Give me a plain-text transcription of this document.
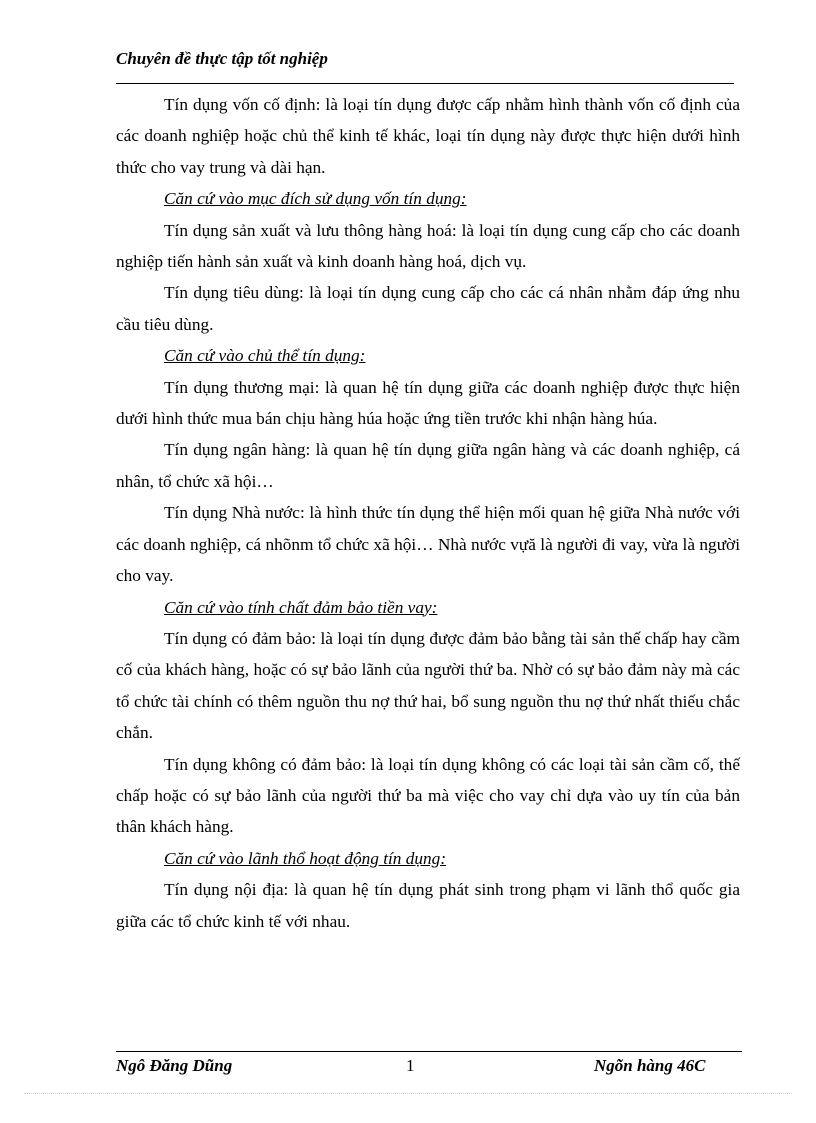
Chuyên đề thực tập tốt nghiệp

Tín dụng vốn cố định: là loại tín dụng được cấp nhằm hình thành vốn cố định của các doanh nghiệp hoặc chủ thể kinh tế khác, loại tín dụng này được thực hiện dưới hình thức cho vay trung và dài hạn.

Căn cứ vào mục đích sử dụng vốn tín dụng:

Tín dụng sản xuất và lưu thông hàng hoá: là loại tín dụng cung cấp cho các doanh nghiệp tiến hành sản xuất và kinh doanh hàng hoá, dịch vụ.

Tín dụng tiêu dùng: là loại tín dụng cung cấp cho các cá nhân nhằm đáp ứng nhu cầu tiêu dùng.

Căn cứ vào chủ thể tín dụng:

Tín dụng thương mại: là quan hệ tín dụng giữa các doanh nghiệp được thực hiện dưới hình thức mua bán chịu hàng húa hoặc ứng tiền trước khi nhận hàng húa.

Tín dụng ngân hàng: là quan hệ tín dụng giữa ngân hàng và các doanh nghiệp, cá nhân, tổ chức xã hội…

Tín dụng Nhà nước: là hình thức tín dụng thể hiện mối quan hệ giữa Nhà nước với các doanh nghiệp, cá nhõnm tổ chức xã hội… Nhà nước vựă là người đi vay, vừa là người cho vay.

Căn cứ vào tính chất đảm bảo tiền vay:

Tín dụng có đảm bảo: là loại tín dụng được đảm bảo bằng tài sản thế chấp hay cầm cố của khách hàng, hoặc có sự bảo lãnh của người thứ ba. Nhờ có sự bảo đảm này mà các tổ chức tài chính có thêm nguồn thu nợ thứ hai, bổ sung nguồn thu nợ thứ nhất thiếu chắc chắn.

Tín dụng không có đảm bảo: là loại tín dụng không có các loại tài sản cầm cố, thế chấp hoặc có sự bảo lãnh của người thứ ba mà việc cho vay chỉ dựa vào uy tín của bản thân khách hàng.

Căn cứ vào lãnh thổ hoạt động tín dụng:

Tín dụng nội địa: là quan hệ tín dụng phát sinh trong phạm vi lãnh thổ quốc gia giữa các tổ chức kinh tế với nhau.

Ngô Đăng Dũng	1	Ngõn hàng 46C
